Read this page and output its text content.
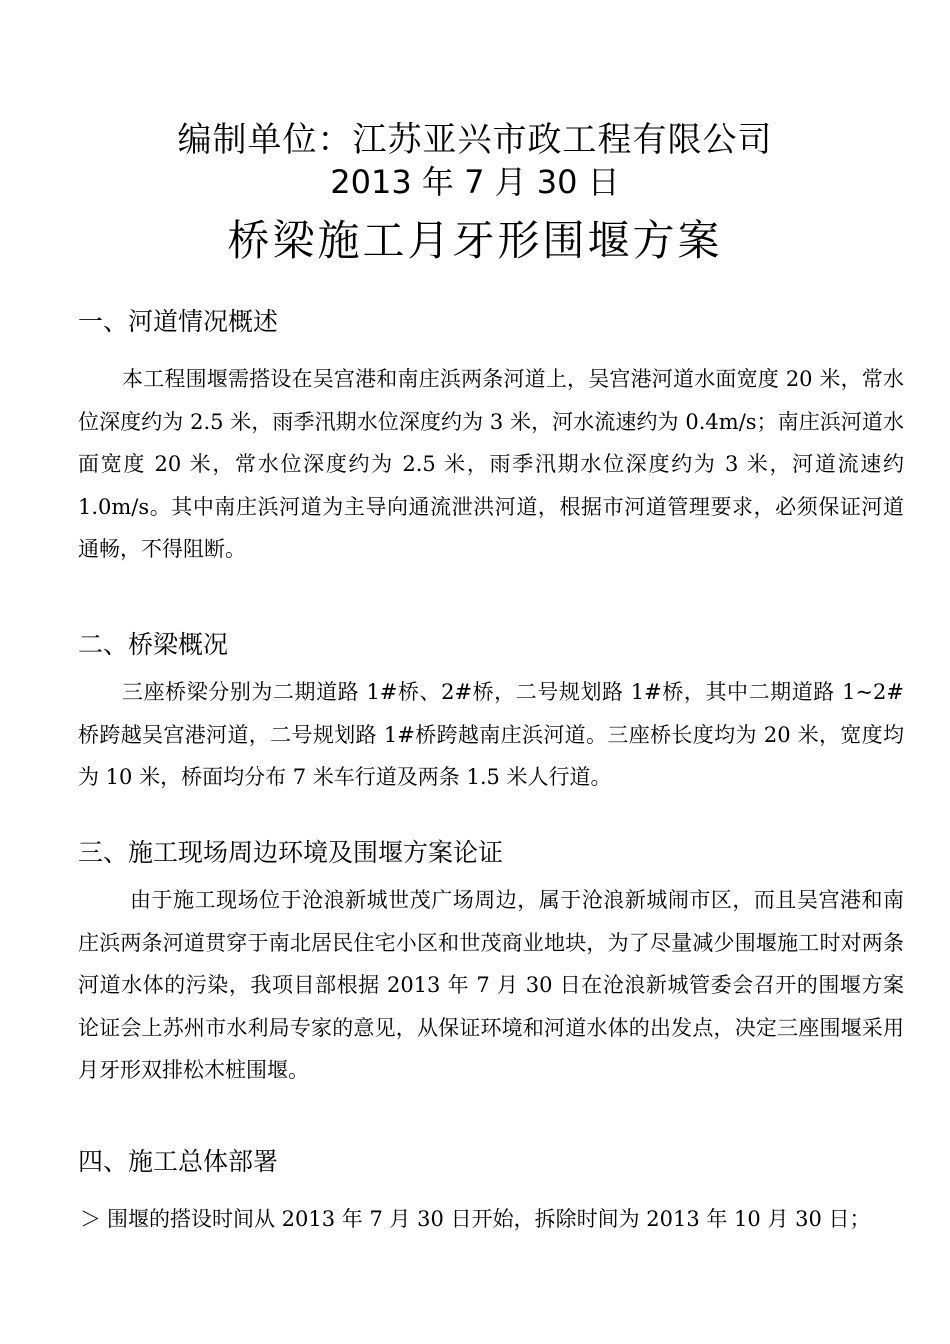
编制单位：江苏亚兴市政工程有限公司
2013 年 7 月 30 日
桥梁施工月牙形围堰方案
一、河道情况概述

本工程围堰需搭设在吴宫港和南庄浜两条河道上，吴宫港河道水面宽度 20 米，常水位深度约为 2.5 米，雨季汛期水位深度约为 3 米，河水流速约为 0.4m/s；南庄浜河道水面宽度 20 米，常水位深度约为 2.5 米，雨季汛期水位深度约为 3 米，河道流速约 1.0m/s。其中南庄浜河道为主导向通流泄洪河道，根据市河道管理要求，必须保证河道通畅，不得阻断。

二、桥梁概况

三座桥梁分别为二期道路 1#桥、2#桥，二号规划路 1#桥，其中二期道路 1~2#桥跨越吴宫港河道，二号规划路 1#桥跨越南庄浜河道。三座桥长度均为 20 米，宽度均为 10 米，桥面均分布 7 米车行道及两条 1.5 米人行道。

三、施工现场周边环境及围堰方案论证

由于施工现场位于沧浪新城世茂广场周边，属于沧浪新城闹市区，而且吴宫港和南庄浜两条河道贯穿于南北居民住宅小区和世茂商业地块，为了尽量减少围堰施工时对两条河道水体的污染，我项目部根据 2013 年 7 月 30 日在沧浪新城管委会召开的围堰方案论证会上苏州市水利局专家的意见，从保证环境和河道水体的出发点，决定三座围堰采用月牙形双排松木桩围堰。

四、施工总体部署

＞ 围堰的搭设时间从 2013 年 7 月 30 日开始，拆除时间为 2013 年 10 月 30 日；
